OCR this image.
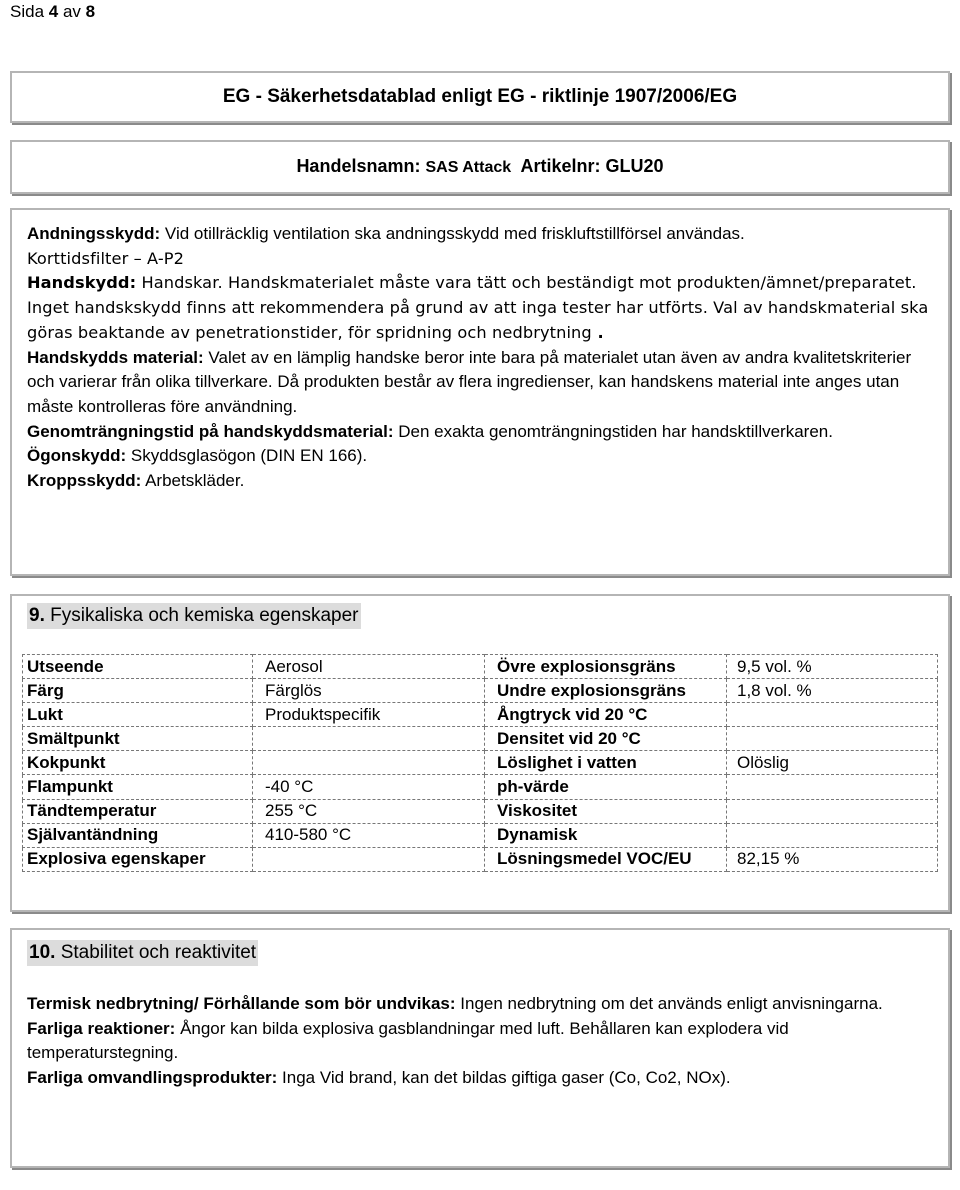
Sida 4 av 8
EG - Säkerhetsdatablad enligt EG - riktlinje 1907/2006/EG
Handelsnamn: SAS Attack Artikelnr: GLU20
Andningsskydd: Vid otillräcklig ventilation ska andningsskydd med friskluftstillförsel användas.
Korttidsfilter – A-P2
Handskydd: Handskar. Handskmaterialet måste vara tätt och beständigt mot produkten/ämnet/preparatet.
Inget handskskydd finns att rekommendera på grund av att inga tester har utförts. Val av handskmaterial ska göras beaktande av penetrationstider, för spridning och nedbrytning .
Handskydds material: Valet av en lämplig handske beror inte bara på materialet utan även av andra kvalitetskriterier och varierar från olika tillverkare. Då produkten består av flera ingredienser, kan handskens material inte anges utan måste kontrolleras före användning.
Genomträngningstid på handskyddsmaterial: Den exakta genomträngningstiden har handsktillverkaren.
Ögonskydd: Skyddsglasögon (DIN EN 166).
Kroppsskydd: Arbetskläder.
9. Fysikaliska och kemiska egenskaper
Utseende	Aerosol	Övre explosionsgräns	9,5 vol. %
Färg	Färglös	Undre explosionsgräns	1,8 vol. %
Lukt	Produktspecifik	Ångtryck vid 20 °C	
Smältpunkt		Densitet vid 20 °C	
Kokpunkt		Löslighet i vatten	Olöslig
Flampunkt	-40 °C	ph-värde	
Tändtemperatur	255 °C	Viskositet	
Självantändning	410-580 °C	Dynamisk	
Explosiva egenskaper		Lösningsmedel VOC/EU	82,15 %
10. Stabilitet och reaktivitet

Termisk nedbrytning/ Förhållande som bör undvikas: Ingen nedbrytning om det används enligt anvisningarna.

Farliga reaktioner: Ångor kan bilda explosiva gasblandningar med luft. Behållaren kan explodera vid temperaturstegning.

Farliga omvandlingsprodukter: Inga Vid brand, kan det bildas giftiga gaser (Co, Co2, NOx).
